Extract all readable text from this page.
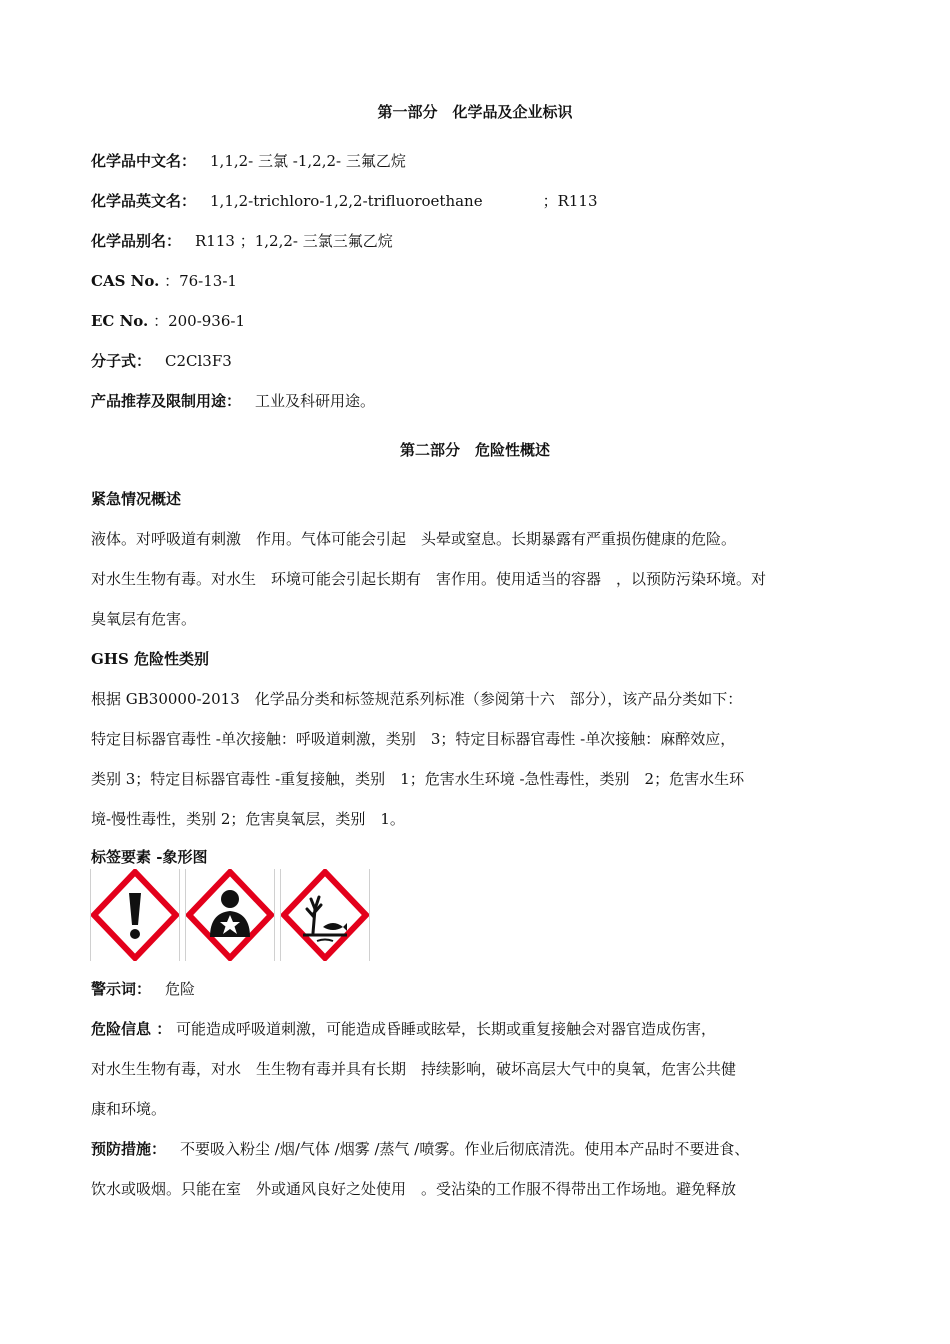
第一部分　化学品及企业标识
化学品中文名： 1,1,2- 三氯 -1,2,2- 三氟乙烷
化学品英文名： 1,1,2-trichloro-1,2,2-trifluoroethane	；R113
化学品别名： R113 ；1,2,2- 三氯三氟乙烷
CAS No. ：76-13-1
EC No. ：200-936-1
分子式： C2Cl3F3
产品推荐及限制用途： 工业及科研用途。
第二部分　危险性概述
紧急情况概述
液体。对呼吸道有刺激　作用。气体可能会引起　头晕或窒息。长期暴露有严重损伤健康的危险。
对水生生物有毒。对水生　环境可能会引起长期有　害作用。使用适当的容器　，以预防污染环境。对
臭氧层有危害。
GHS 危险性类别
根据 GB30000-2013　化学品分类和标签规范系列标准（参阅第十六　部分），该产品分类如下：
特定目标器官毒性 -单次接触：呼吸道刺激，类别　3；特定目标器官毒性 -单次接触：麻醉效应，
类别 3；特定目标器官毒性 -重复接触，类别　1；危害水生环境 -急性毒性，类别　2；危害水生环
境-慢性毒性，类别 2；危害臭氧层，类别　1。
标签要素 -象形图
警示词： 危险
危险信息 ： 可能造成呼吸道刺激，可能造成昏睡或眩晕，长期或重复接触会对器官造成伤害，
对水生生物有毒，对水　生生物有毒并具有长期　持续影响，破坏高层大气中的臭氧，危害公共健
康和环境。
预防措施： 不要吸入粉尘 /烟/气体 /烟雾 /蒸气 /喷雾。作业后彻底清洗。使用本产品时不要进食、
饮水或吸烟。只能在室　外或通风良好之处使用　。受沾染的工作服不得带出工作场地。避免释放
